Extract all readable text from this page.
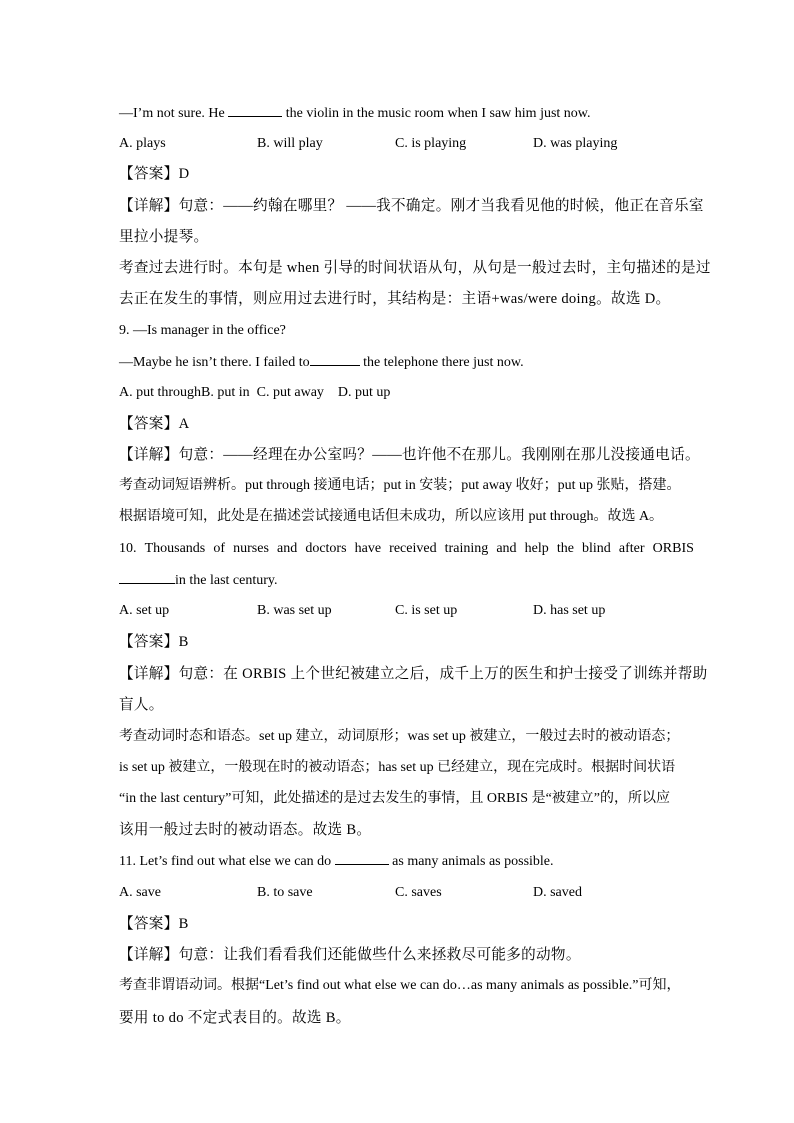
—I’m not sure. He	the violin in the music room when I saw him just now.
A. plays	B. will play	C. is playing	D. was playing
【答案】D
【详解】句意：——约翰在哪里？ ——我不确定。刚才当我看见他的时候，他正在音乐室
里拉小提琴。
考查过去进行时。本句是 when 引导的时间状语从句，从句是一般过去时，主句描述的是过
去正在发生的事情，则应用过去进行时，其结构是：主语+was/were doing。故选 D。
9. —Is manager in the office?
—Maybe he isn’t there. I failed to	the telephone there just now.
A. put throughB. put in  C. put away    D. put up
【答案】A
【详解】句意：——经理在办公室吗？——也许他不在那儿。我刚刚在那儿没接通电话。
考查动词短语辨析。put through 接通电话；put in 安装；put away 收好；put up 张贴，搭建。
根据语境可知，此处是在描述尝试接通电话但未成功，所以应该用 put through。故选 A。
10. Thousands of nurses and doctors have received training and help the blind after ORBIS
in the last century.
A. set up	B. was set up	C. is set up	D. has set up
【答案】B
【详解】句意：在 ORBIS 上个世纪被建立之后，成千上万的医生和护士接受了训练并帮助
盲人。
考查动词时态和语态。set up 建立，动词原形；was set up 被建立，一般过去时的被动语态；
is set up 被建立，一般现在时的被动语态；has set up 已经建立，现在完成时。根据时间状语
“in the last century”可知，此处描述的是过去发生的事情，且 ORBIS 是“被建立”的，所以应
该用一般过去时的被动语态。故选 B。
11. Let’s find out what else we can do	as many animals as possible.
A. save	B. to save	C. saves	D. saved
【答案】B
【详解】句意：让我们看看我们还能做些什么来拯救尽可能多的动物。
考查非谓语动词。根据“Let’s find out what else we can do…as many animals as possible.”可知，
要用 to do 不定式表目的。故选 B。
